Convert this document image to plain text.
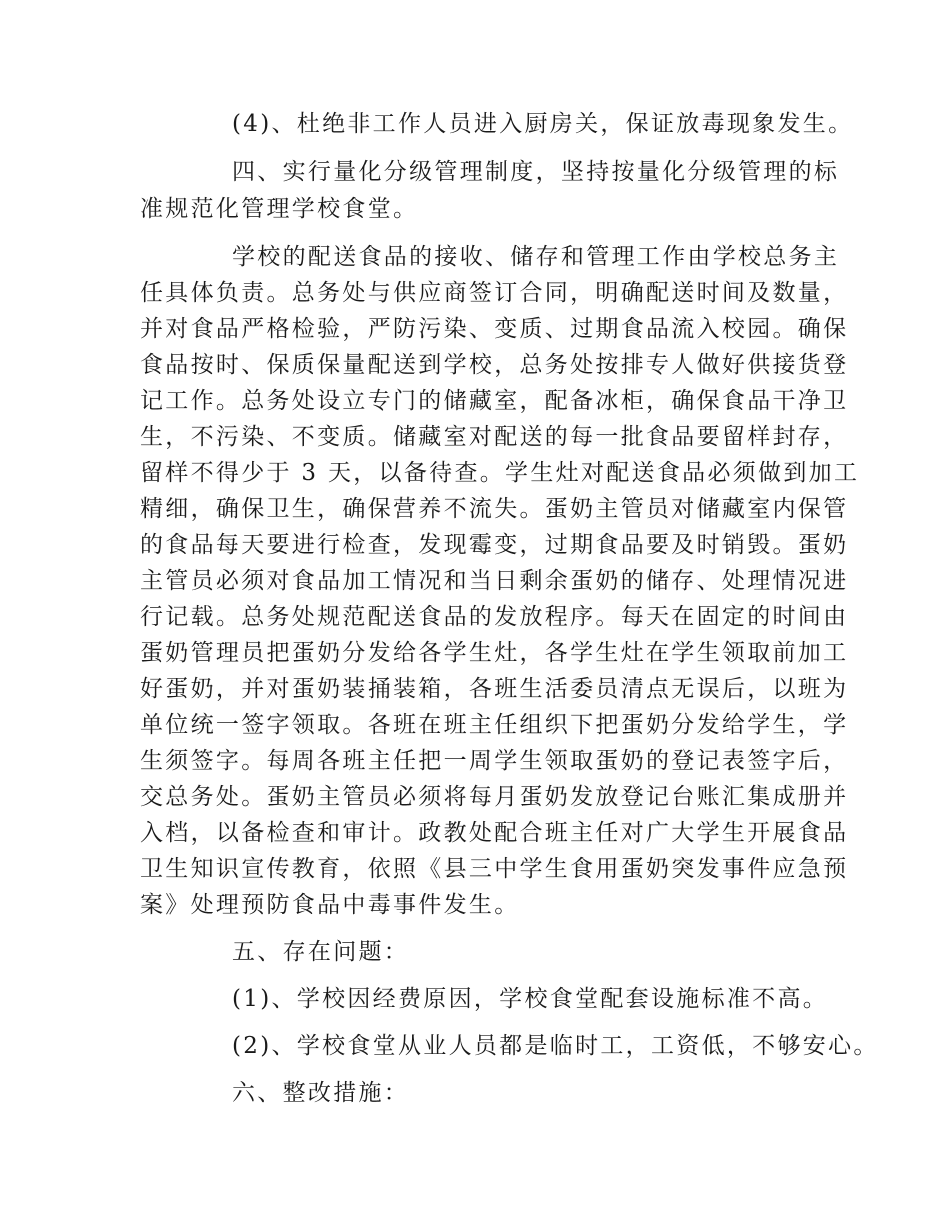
(4)、杜绝非工作人员进入厨房关，保证放毒现象发生。
四、实行量化分级管理制度，坚持按量化分级管理的标
准规范化管理学校食堂。
学校的配送食品的接收、储存和管理工作由学校总务主
任具体负责。总务处与供应商签订合同，明确配送时间及数量，
并对食品严格检验，严防污染、变质、过期食品流入校园。确保
食品按时、保质保量配送到学校，总务处按排专人做好供接货登
记工作。总务处设立专门的储藏室，配备冰柜，确保食品干净卫
生，不污染、不变质。储藏室对配送的每一批食品要留样封存，
留样不得少于 3 天，以备待查。学生灶对配送食品必须做到加工
精细，确保卫生，确保营养不流失。蛋奶主管员对储藏室内保管
的食品每天要进行检查，发现霉变，过期食品要及时销毁。蛋奶
主管员必须对食品加工情况和当日剩余蛋奶的储存、处理情况进
行记载。总务处规范配送食品的发放程序。每天在固定的时间由
蛋奶管理员把蛋奶分发给各学生灶，各学生灶在学生领取前加工
好蛋奶，并对蛋奶装捅装箱，各班生活委员清点无误后，以班为
单位统一签字领取。各班在班主任组织下把蛋奶分发给学生，学
生须签字。每周各班主任把一周学生领取蛋奶的登记表签字后，
交总务处。蛋奶主管员必须将每月蛋奶发放登记台账汇集成册并
入档，以备检查和审计。政教处配合班主任对广大学生开展食品
卫生知识宣传教育，依照《县三中学生食用蛋奶突发事件应急预
案》处理预防食品中毒事件发生。
五、存在问题：
(1)、学校因经费原因，学校食堂配套设施标准不高。
(2)、学校食堂从业人员都是临时工，工资低，不够安心。
六、整改措施：
